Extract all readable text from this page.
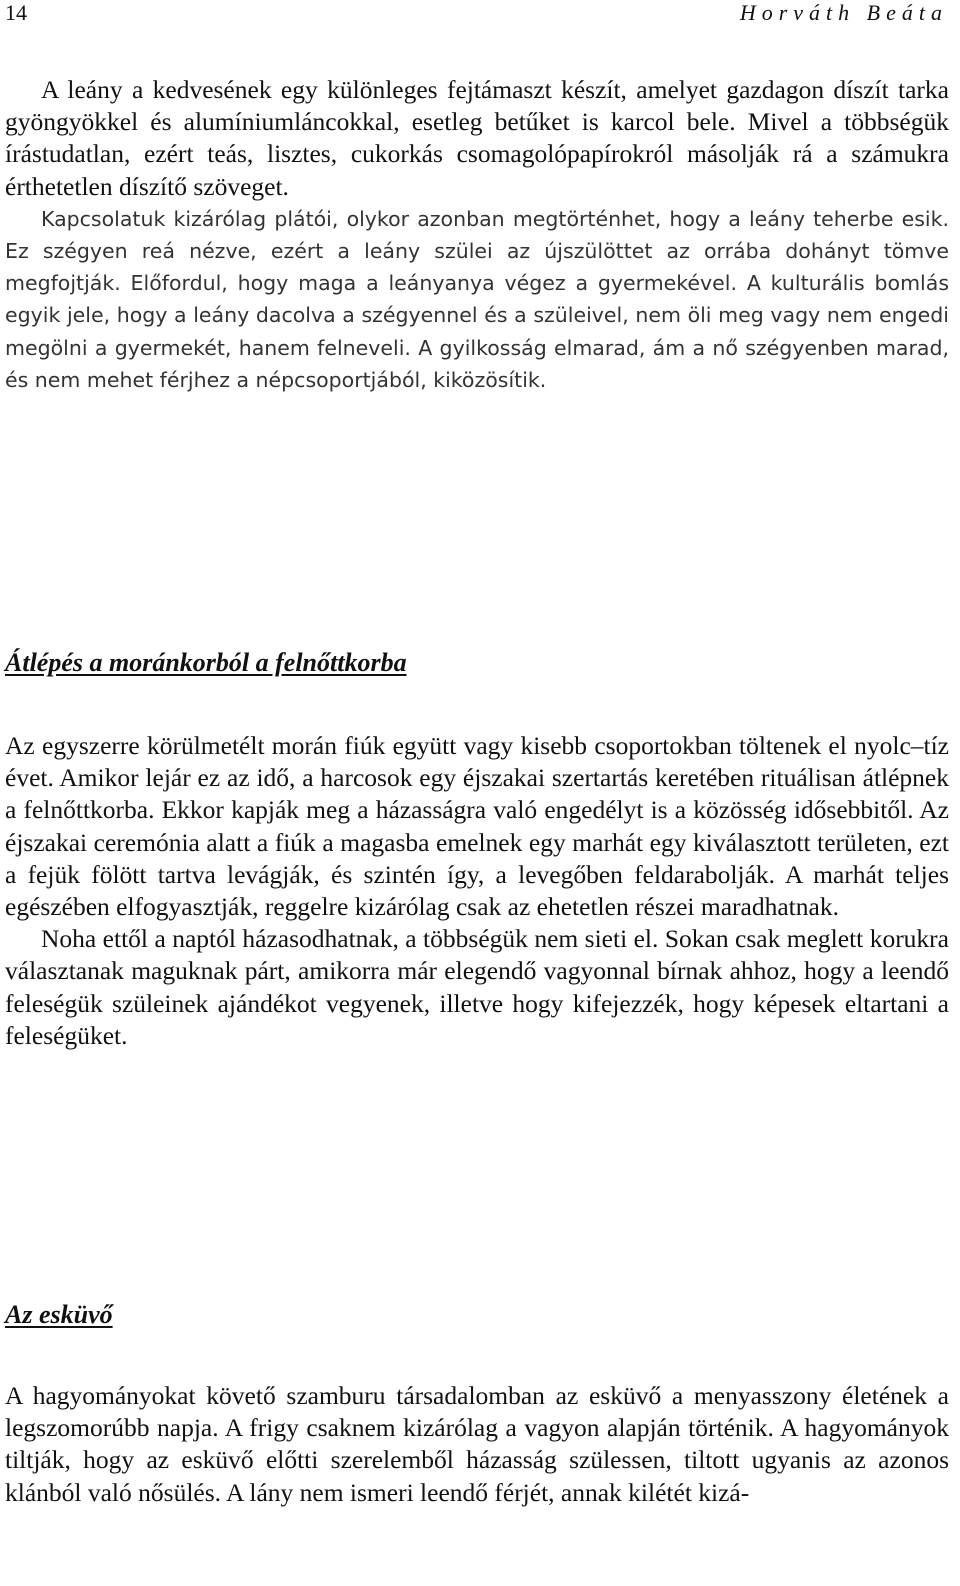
14	Horváth Beáta

A leány a kedvesének egy különleges fejtámaszt készít, amelyet gazdagon díszít tarka gyöngyökkel és alumíniumláncokkal, esetleg betűket is karcol bele. Mivel a többségük írástudatlan, ezért teás, lisztes, cukorkás csomagolópapírokról másolják rá a számukra érthetetlen díszítő szöveget.

Kapcsolatuk kizárólag plátói, olykor azonban megtörténhet, hogy a leány teherbe esik. Ez szégyen reá nézve, ezért a leány szülei az újszülöttet az orrába dohányt tömve megfojtják. Előfordul, hogy maga a leányanya végez a gyermekével. A kulturális bomlás egyik jele, hogy a leány dacolva a szégyennel és a szüleivel, nem öli meg vagy nem engedi megölni a gyermekét, hanem felneveli. A gyilkosság elmarad, ám a nő szégyenben marad, és nem mehet férjhez a népcsoportjából, kiközösítik.

Átlépés a moránkorból a felnőttkorba

Az egyszerre körülmetélt morán fiúk együtt vagy kisebb csoportokban töltenek el nyolc–tíz évet. Amikor lejár ez az idő, a harcosok egy éjszakai szertartás keretében rituálisan átlépnek a felnőttkorba. Ekkor kapják meg a házasságra való engedélyt is a közösség idősebbitől. Az éjszakai ceremónia alatt a fiúk a magasba emelnek egy marhát egy kiválasztott területen, ezt a fejük fölött tartva levágják, és szintén így, a levegőben feldarabolják. A marhát teljes egészében elfogyasztják, reggelre kizárólag csak az ehetetlen részei maradhatnak.

Noha ettől a naptól házasodhatnak, a többségük nem sieti el. Sokan csak meglett korukra választanak maguknak párt, amikorra már elegendő vagyonnal bírnak ahhoz, hogy a leendő feleségük szüleinek ajándékot vegyenek, illetve hogy kifejezzék, hogy képesek eltartani a feleségüket.

Az esküvő

A hagyományokat követő szamburu társadalomban az esküvő a menyasszony életének a legszomorúbb napja. A frigy csaknem kizárólag a vagyon alapján történik. A hagyományok tiltják, hogy az esküvő előtti szerelemből házasság szülessen, tiltott ugyanis az azonos klánból való nősülés. A lány nem ismeri leendő férjét, annak kilétét kizá-
